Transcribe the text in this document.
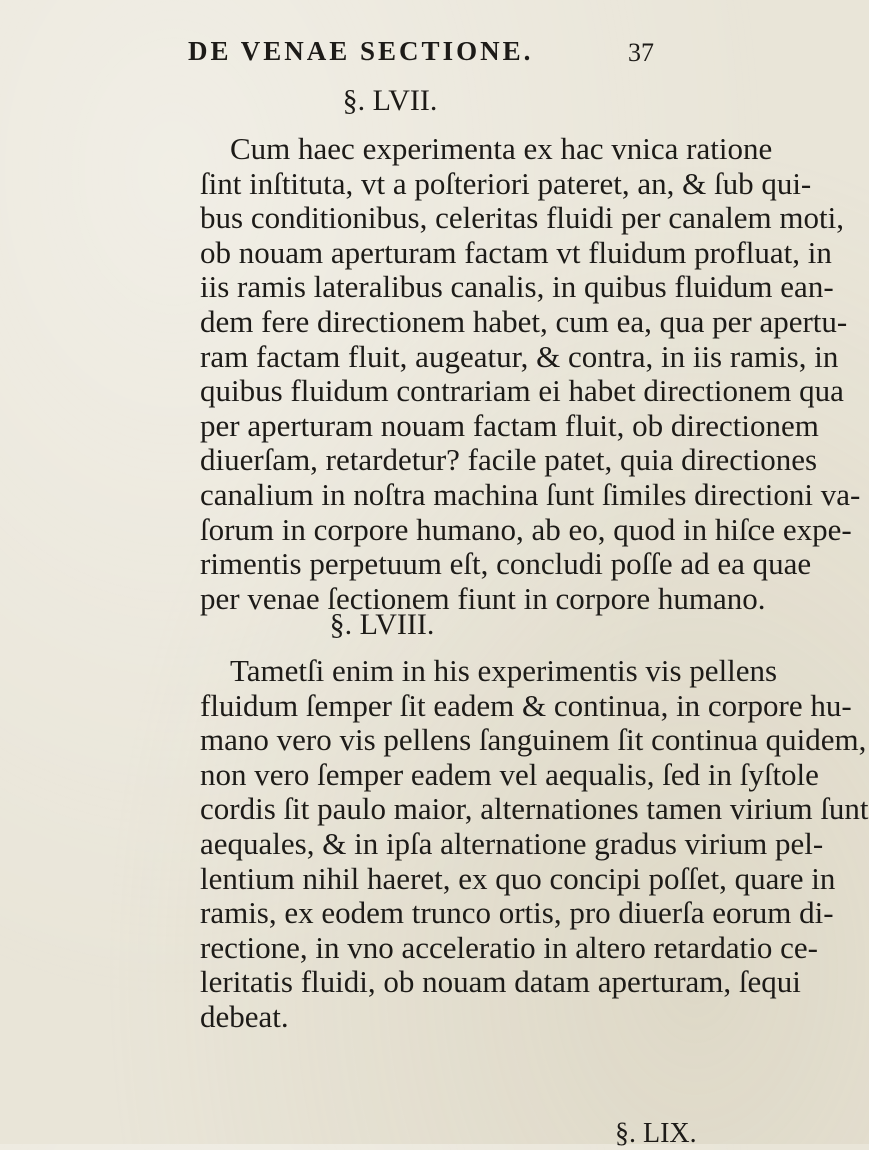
DE VENAE SECTIONE.	37
§. LVII.
Cum haec experimenta ex hac vnica ratione
ſint inſtituta, vt a poſteriori pateret, an, & ſub qui-
bus conditionibus, celeritas fluidi per canalem moti,
ob nouam aperturam factam vt fluidum profluat, in
iis ramis lateralibus canalis, in quibus fluidum ean-
dem fere directionem habet, cum ea, qua per apertu-
ram factam fluit, augeatur, & contra, in iis ramis, in
quibus fluidum contrariam ei habet directionem qua
per aperturam nouam factam fluit, ob directionem
diuerſam, retardetur? facile patet, quia directiones
canalium in noſtra machina ſunt ſimiles directioni va-
ſorum in corpore humano, ab eo, quod in hiſce expe-
rimentis perpetuum eſt, concludi poſſe ad ea quae
per venae ſectionem fiunt in corpore humano.
§. LVIII.
Tametſi enim in his experimentis vis pellens
fluidum ſemper ſit eadem & continua, in corpore hu-
mano vero vis pellens ſanguinem ſit continua quidem,
non vero ſemper eadem vel aequalis, ſed in ſyſtole
cordis ſit paulo maior, alternationes tamen virium ſunt
aequales, & in ipſa alternatione gradus virium pel-
lentium nihil haeret, ex quo concipi poſſet, quare in
ramis, ex eodem trunco ortis, pro diuerſa eorum di-
rectione, in vno acceleratio in altero retardatio ce-
leritatis fluidi, ob nouam datam aperturam, ſequi
debeat.
§. LIX.
